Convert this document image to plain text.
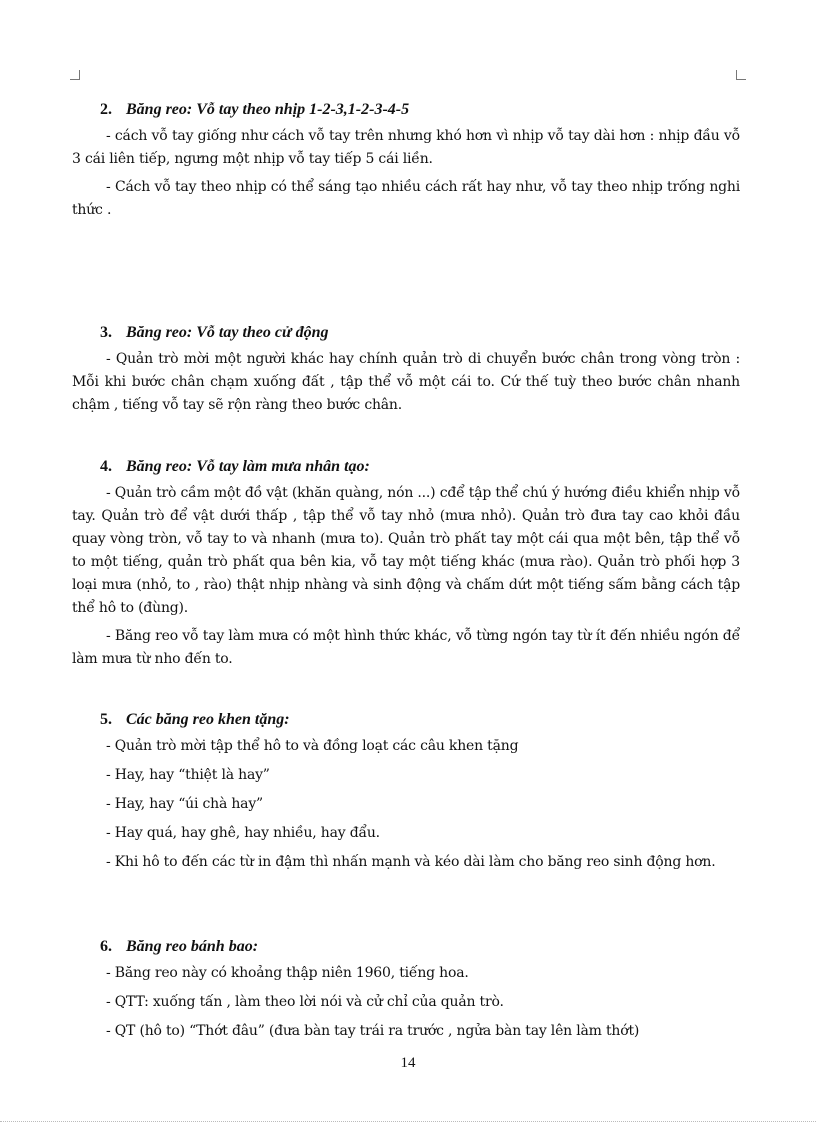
2. Băng reo: Vỗ tay theo nhịp 1-2-3,1-2-3-4-5

- cách vỗ tay giống như cách vỗ tay trên nhưng khó hơn vì nhịp vỗ tay dài hơn : nhịp đầu vỗ 3 cái liên tiếp, ngưng một nhịp vỗ tay tiếp 5 cái liền.

- Cách vỗ tay theo nhịp có thể sáng tạo nhiều cách rất hay như, vỗ tay theo nhịp trống nghi thức .

3. Băng reo: Vỗ tay theo cử động

- Quản trò mời một người khác hay chính quản trò di chuyển bước chân trong vòng tròn : Mỗi khi bước chân chạm xuống đất , tập thể vỗ một cái to. Cứ thế tuỳ theo bước chân nhanh chậm , tiếng vỗ tay sẽ rộn ràng theo bước chân.

4. Băng reo: Vỗ tay làm mưa nhân tạo:

- Quản trò cầm một đồ vật (khăn quàng, nón ...) cđể tập thể chú ý hướng điều khiển nhịp vỗ tay. Quản trò để vật dưới thấp , tập thể vỗ tay nhỏ (mưa nhỏ). Quản trò đưa tay cao khỏi đầu quay vòng tròn, vỗ tay to và nhanh (mưa to). Quản trò phất tay một cái qua một bên, tập thể vỗ to một tiếng, quản trò phất qua bên kia, vỗ tay một tiếng khác (mưa rào). Quản trò phối hợp 3 loại mưa (nhỏ, to , rào) thật nhịp nhàng và sinh động và chấm dứt một tiếng sấm bằng cách tập thể hô to (đùng).

- Băng reo vỗ tay làm mưa có một hình thức khác, vỗ từng ngón tay từ ít đến nhiều ngón để làm mưa từ nho đến to.

5. Các băng reo khen tặng:
- Quản trò mời tập thể hô to và đồng loạt các câu khen tặng
- Hay, hay “thiệt là hay”
- Hay, hay “úi chà hay”
- Hay quá, hay ghê, hay nhiều, hay đẩu.

- Khi hô to đến các từ in đậm thì nhấn mạnh và kéo dài làm cho băng reo sinh động hơn.

6. Băng reo bánh bao:
- Băng reo này có khoảng thập niên 1960, tiếng hoa.
- QTT: xuống tấn , làm theo lời nói và cử chỉ của quản trò.
- QT (hô to) “Thớt đâu” (đưa bàn tay trái ra trước , ngửa bàn tay lên làm thớt)
14
